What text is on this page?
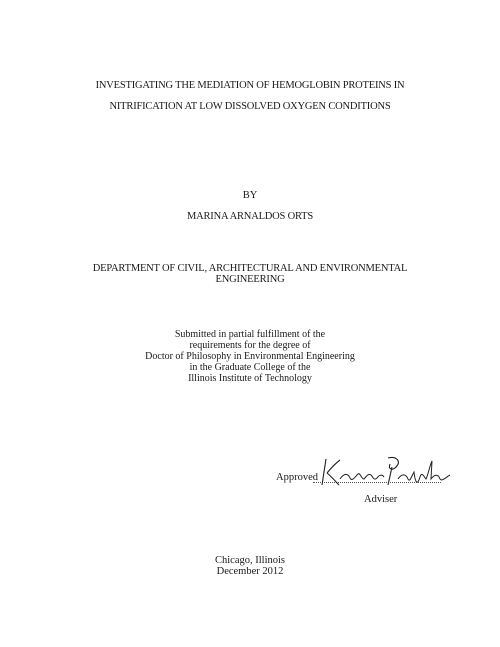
INVESTIGATING THE MEDIATION OF HEMOGLOBIN PROTEINS IN
NITRIFICATION AT LOW DISSOLVED OXYGEN CONDITIONS
BY
MARINA ARNALDOS ORTS
DEPARTMENT OF CIVIL, ARCHITECTURAL AND ENVIRONMENTAL
ENGINEERING
Submitted in partial fulfillment of the
requirements for the degree of
Doctor of Philosophy in Environmental Engineering
in the Graduate College of the
Illinois Institute of Technology
Approved
Adviser
Chicago, Illinois
December 2012
